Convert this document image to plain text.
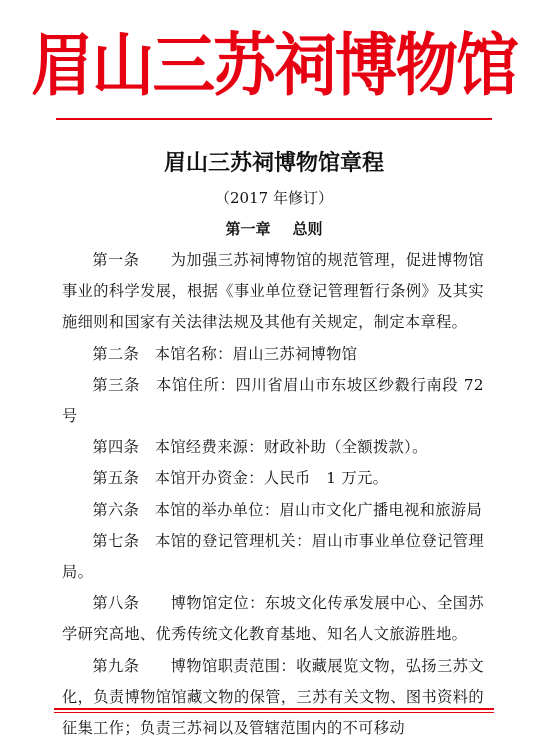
眉山三苏祠博物馆
眉山三苏祠博物馆章程
（2017 年修订）
第一章 总则

第一条　　为加强三苏祠博物馆的规范管理，促进博物馆事业的科学发展，根据《事业单位登记管理暂行条例》及其实施细则和国家有关法律法规及其他有关规定，制定本章程。

第二条　本馆名称：眉山三苏祠博物馆

第三条　本馆住所：四川省眉山市东坡区纱縠行南段 72 号

第四条　本馆经费来源：财政补助（全额拨款）。

第五条　本馆开办资金：人民币　1 万元。

第六条　本馆的举办单位：眉山市文化广播电视和旅游局

第七条　本馆的登记管理机关：眉山市事业单位登记管理局。

第八条　　博物馆定位：东坡文化传承发展中心、全国苏学研究高地、优秀传统文化教育基地、知名人文旅游胜地。

第九条　　博物馆职责范围：收藏展览文物，弘扬三苏文化，负责博物馆馆藏文物的保管，三苏有关文物、图书资料的征集工作；负责三苏祠以及管辖范围内的不可移动
